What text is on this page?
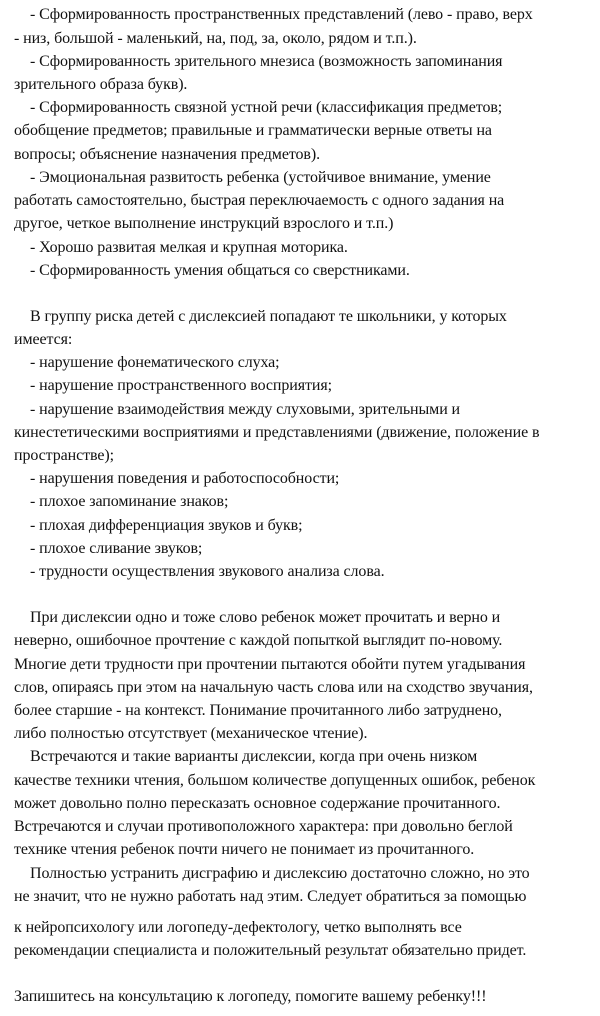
- Сформированность пространственных представлений (лево - право, верх
- низ, большой - маленький, на, под, за, около, рядом и т.п.).
- Сформированность зрительного мнезиса (возможность запоминания
зрительного образа букв).
- Сформированность связной устной речи (классификация предметов;
обобщение предметов; правильные и грамматически верные ответы на
вопросы; объяснение назначения предметов).
- Эмоциональная развитость ребенка (устойчивое внимание, умение
работать самостоятельно, быстрая переключаемость с одного задания на
другое, четкое выполнение инструкций взрослого и т.п.)
- Хорошо развитая мелкая и крупная моторика.
- Сформированность умения общаться со сверстниками.
В группу риска детей с дислексией попадают те школьники, у которых
имеется:
- нарушение фонематического слуха;
- нарушение пространственного восприятия;
- нарушение взаимодействия между слуховыми, зрительными и
кинестетическими восприятиями и представлениями (движение, положение в
пространстве);
- нарушения поведения и работоспособности;
- плохое запоминание знаков;
- плохая дифференциация звуков и букв;
- плохое сливание звуков;
- трудности осуществления звукового анализа слова.
При дислексии одно и тоже слово ребенок может прочитать и верно и
неверно, ошибочное прочтение с каждой попыткой выглядит по-новому.
Многие дети трудности при прочтении пытаются обойти путем угадывания
слов, опираясь при этом на начальную часть слова или на сходство звучания,
более старшие - на контекст. Понимание прочитанного либо затруднено,
либо полностью отсутствует (механическое чтение).
Встречаются и такие варианты дислексии, когда при очень низком
качестве техники чтения, большом количестве допущенных ошибок, ребенок
может довольно полно пересказать основное содержание прочитанного.
Встречаются и случаи противоположного характера: при довольно беглой
технике чтения ребенок почти ничего не понимает из прочитанного.
Полностью устранить дисграфию и дислексию достаточно сложно, но это
не значит, что не нужно работать над этим. Следует обратиться за помощью
к нейропсихологу или логопеду-дефектологу, четко выполнять все
рекомендации специалиста и положительный результат обязательно придет.
Запишитесь на консультацию к логопеду, помогите вашему ребенку!!!
